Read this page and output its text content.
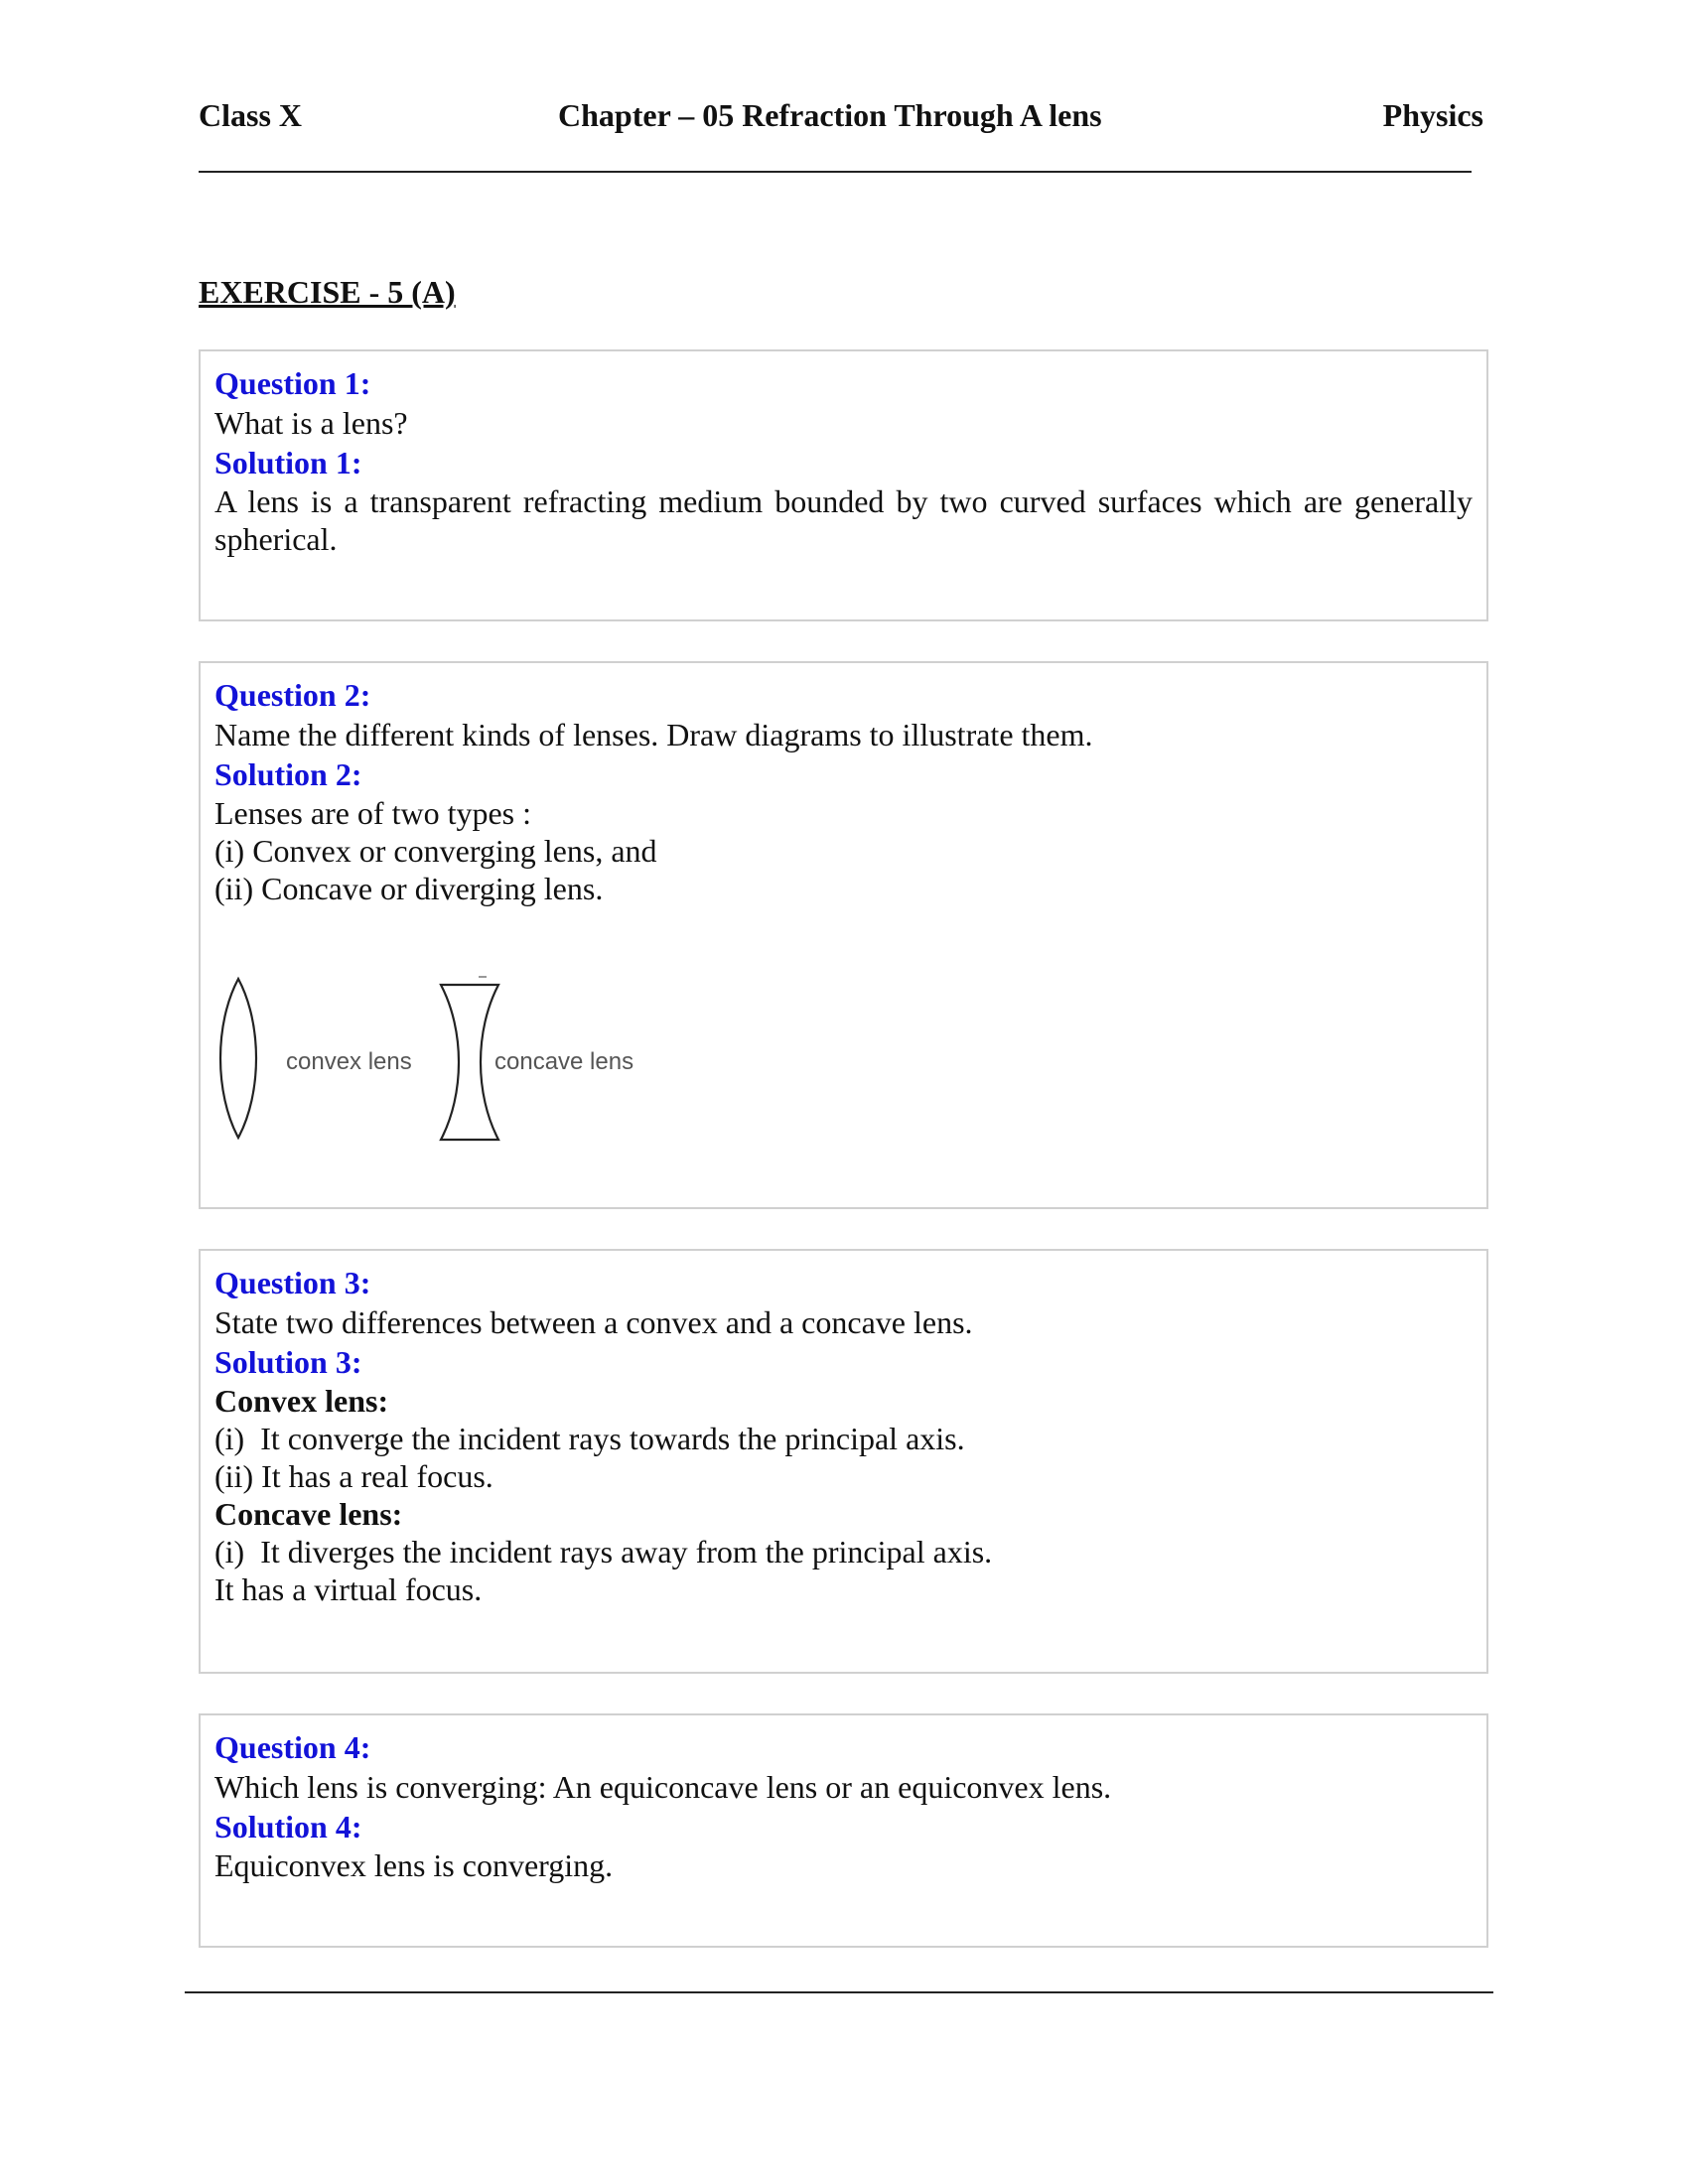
Class X	Chapter – 05 Refraction Through A lens	Physics
EXERCISE - 5 (A)
Question 1:
What is a lens?
Solution 1:
A lens is a transparent refracting medium bounded by two curved surfaces which are generally spherical.
Question 2:
Name the different kinds of lenses. Draw diagrams to illustrate them.
Solution 2:
Lenses are of two types :
(i) Convex or converging lens, and
(ii) Concave or diverging lens.
convex lens	concave lens
Question 3:
State two differences between a convex and a concave lens.
Solution 3:
Convex lens:
(i)  It converge the incident rays towards the principal axis.
(ii) It has a real focus.
Concave lens:
(i)  It diverges the incident rays away from the principal axis.
It has a virtual focus.
Question 4:
Which lens is converging: An equiconcave lens or an equiconvex lens.
Solution 4:
Equiconvex lens is converging.
